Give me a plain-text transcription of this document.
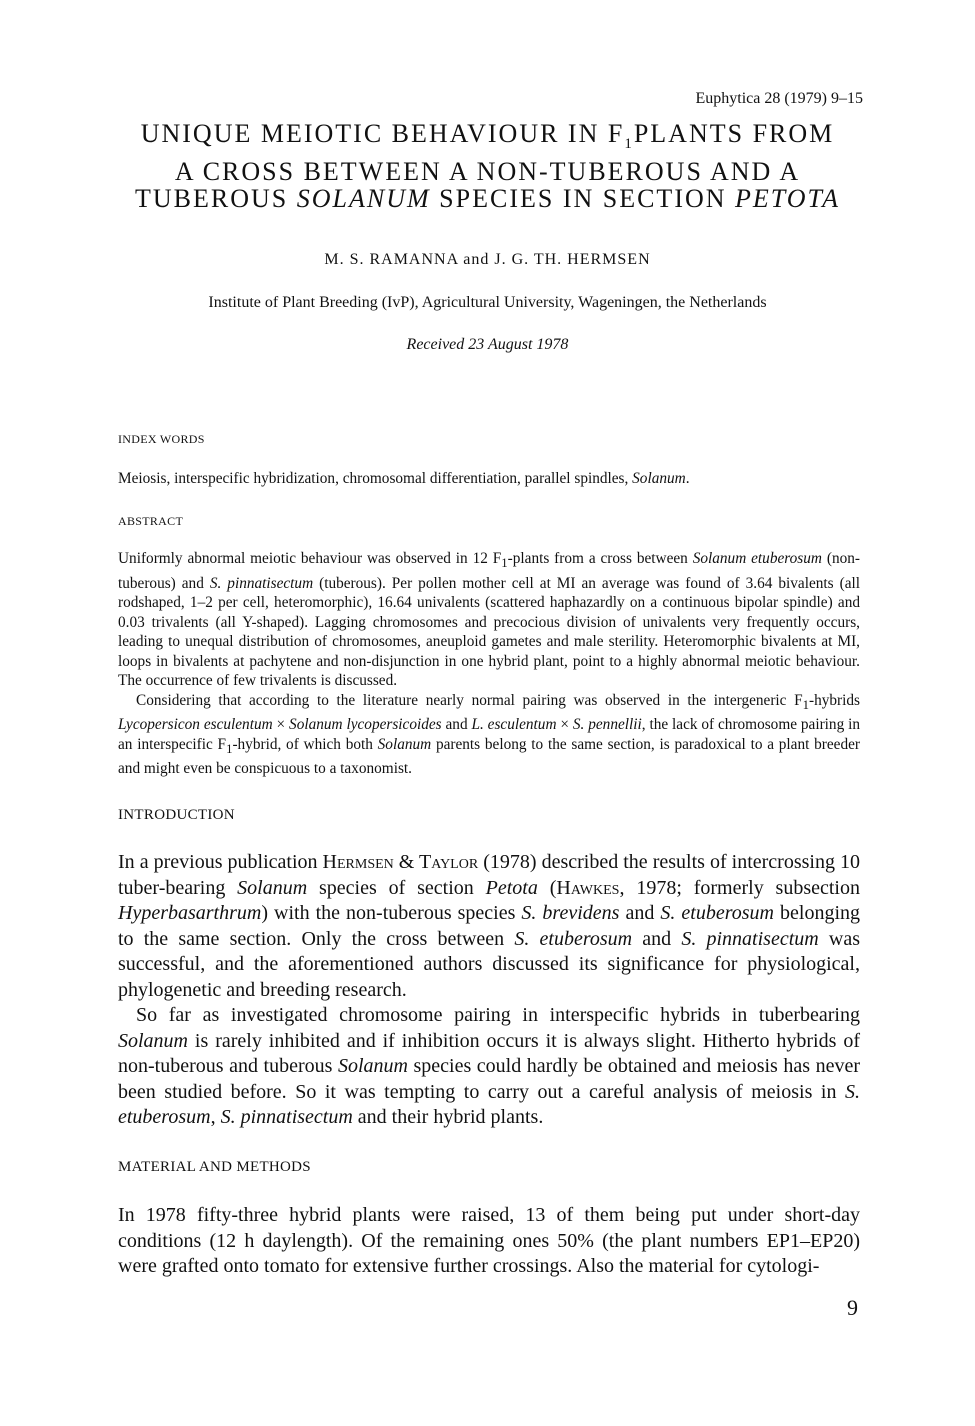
Euphytica 28 (1979) 9–15
UNIQUE MEIOTIC BEHAVIOUR IN $F_1PLANTS$ FROM
A CROSS BETWEEN A NON-TUBEROUS AND A
TUBEROUS SOLANUM SPECIES IN SECTION PETOTA
M. S. RAMANNA and J. G. TH. HERMSEN
Institute of Plant Breeding (IvP), Agricultural University, Wageningen, the Netherlands
Received 23 August 1978
INDEX WORDS

Meiosis, interspecific hybridization, chromosomal differentiation, parallel spindles, Solanum.

ABSTRACT

Uniformly abnormal meiotic behaviour was observed in 12 $F_1$-plants from a cross between Solanum etuberosum (non-tuberous) and S. pinnatisectum (tuberous). Per pollen mother cell at MI an average was found of 3.64 bivalents (all rodshaped, 1–2 per cell, heteromorphic), 16.64 univalents (scattered haphazardly on a continuous bipolar spindle) and 0.03 trivalents (all Y-shaped). Lagging chromosomes and precocious division of univalents very frequently occurs, leading to unequal distribution of chromosomes, aneuploid gametes and male sterility. Heteromorphic bivalents at MI, loops in bivalents at pachytene and non-disjunction in one hybrid plant, point to a highly abnormal meiotic behaviour. The occurrence of few trivalents is discussed.

Considering that according to the literature nearly normal pairing was observed in the intergeneric $F_1$-hybrids Lycopersicon esculentum × Solanum lycopersicoides and L. esculentum × S. pennellii, the lack of chromosome pairing in an interspecific $F_1$-hybrid, of which both Solanum parents belong to the same section, is paradoxical to a plant breeder and might even be conspicuous to a taxonomist.

INTRODUCTION

In a previous publication Hermsen & Taylor (1978) described the results of intercrossing 10 tuber-bearing Solanum species of section Petota (Hawkes, 1978; formerly subsection Hyperbasarthrum) with the non-tuberous species S. brevidens and S. etuberosum belonging to the same section. Only the cross between S. etuberosum and S. pinnatisectum was successful, and the aforementioned authors discussed its significance for physiological, phylogenetic and breeding research.

So far as investigated chromosome pairing in interspecific hybrids in tuberbearing Solanum is rarely inhibited and if inhibition occurs it is always slight. Hitherto hybrids of non-tuberous and tuberous Solanum species could hardly be obtained and meiosis has never been studied before. So it was tempting to carry out a careful analysis of meiosis in S. etuberosum, S. pinnatisectum and their hybrid plants.

MATERIAL AND METHODS

In 1978 fifty-three hybrid plants were raised, 13 of them being put under short-day conditions (12 h daylength). Of the remaining ones 50% (the plant numbers EP1–EP20) were grafted onto tomato for extensive further crossings. Also the material for cytologi-

9
